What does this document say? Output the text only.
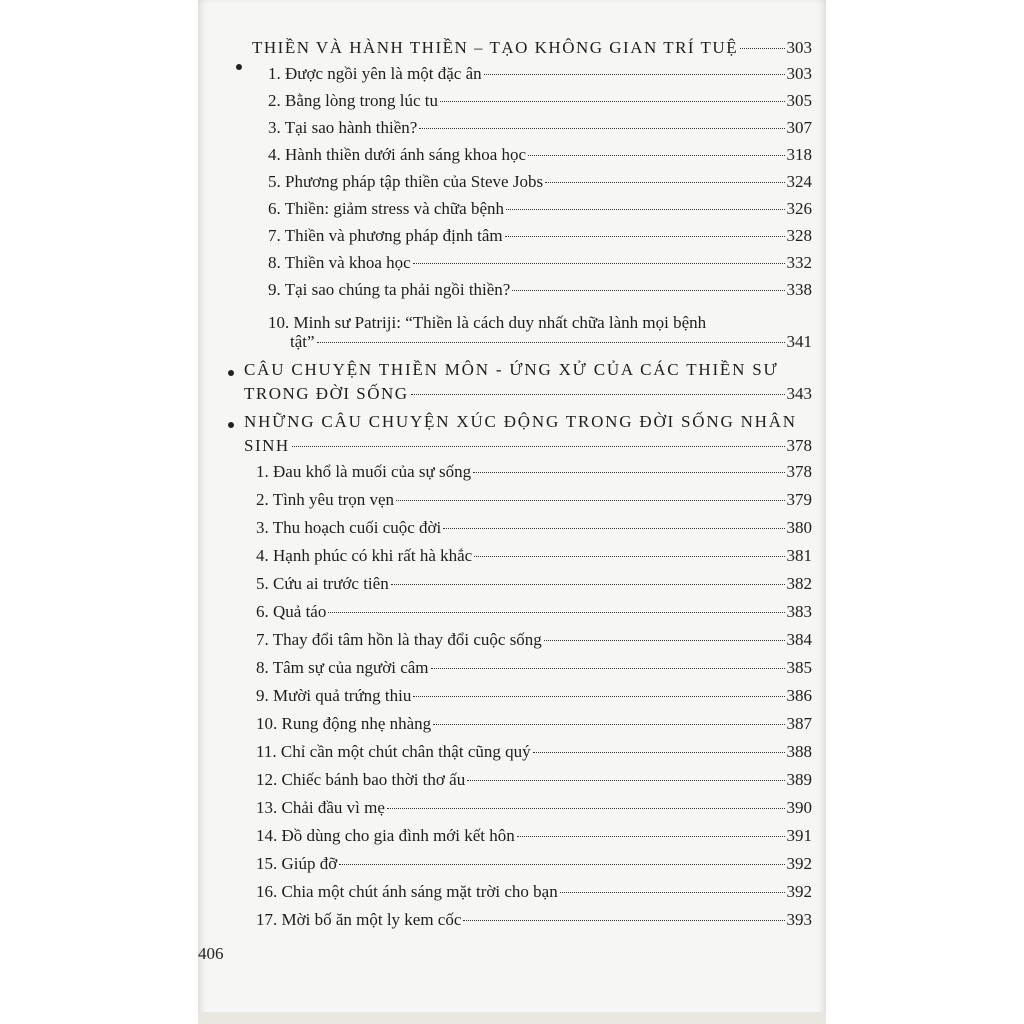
THIỀN VÀ HÀNH THIỀN – TẠO KHÔNG GIAN TRÍ TUỆ	303
1. Được ngồi yên là một đặc ân	303
2. Bằng lòng trong lúc tu	305
3. Tại sao hành thiền?	307
4. Hành thiền dưới ánh sáng khoa học	318
5. Phương pháp tập thiền của Steve Jobs	324
6. Thiền: giảm stress và chữa bệnh	326
7. Thiền và phương pháp định tâm	328
8. Thiền và khoa học	332
9. Tại sao chúng ta phải ngồi thiền?	338
10. Minh sư Patriji: “Thiền là cách duy nhất chữa lành mọi bệnh
tật”	341
CÂU CHUYỆN THIỀN MÔN - ỨNG XỬ CỦA CÁC THIỀN SƯ
TRONG ĐỜI SỐNG	343
NHỮNG CÂU CHUYỆN XÚC ĐỘNG TRONG ĐỜI SỐNG NHÂN
SINH	378
1. Đau khổ là muối của sự sống	378
2. Tình yêu trọn vẹn	379
3. Thu hoạch cuối cuộc đời	380
4. Hạnh phúc có khi rất hà khắc	381
5. Cứu ai trước tiên	382
6. Quả táo	383
7. Thay đổi tâm hồn là thay đổi cuộc sống	384
8. Tâm sự của người câm	385
9. Mười quả trứng thiu	386
10. Rung động nhẹ nhàng	387
11. Chỉ cần một chút chân thật cũng quý	388
12. Chiếc bánh bao thời thơ ấu	389
13. Chải đầu vì mẹ	390
14. Đồ dùng cho gia đình mới kết hôn	391
15. Giúp đỡ	392
16. Chia một chút ánh sáng mặt trời cho bạn	392
17. Mời bố ăn một ly kem cốc	393
406
